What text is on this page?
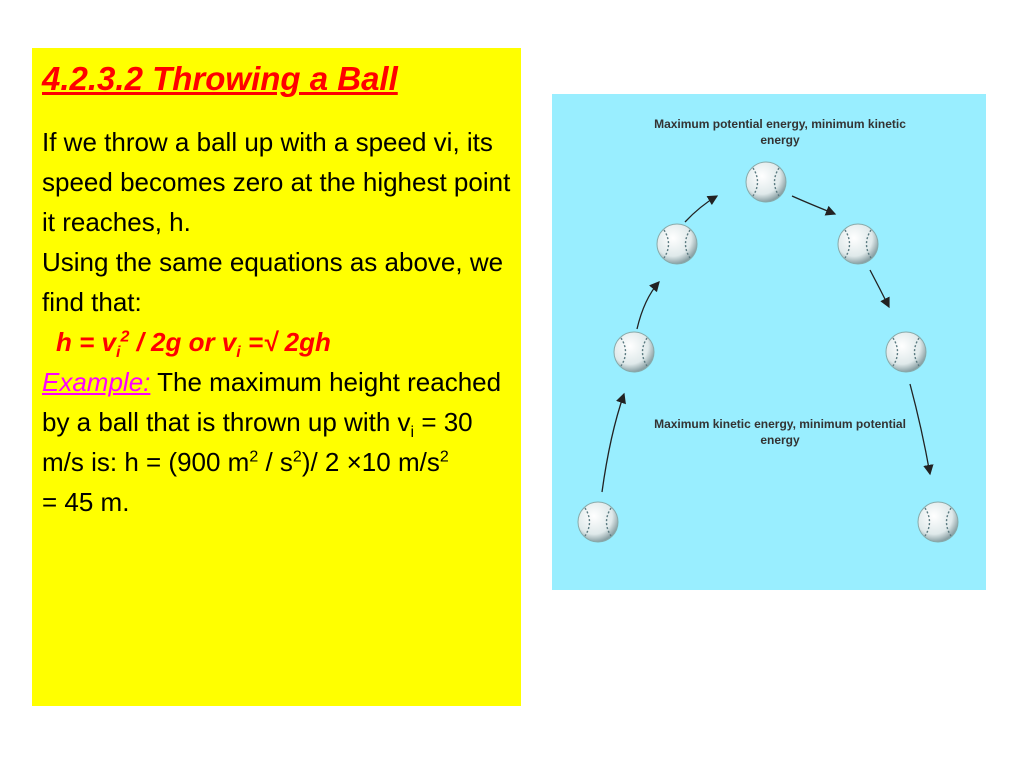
4.2.3.2 Throwing a Ball

If we throw a ball up with a speed vi, its speed becomes zero at the highest point it reaches, h.

Using the same equations as above, we find that:

$h = v_i^2 / 2g$ or $v_i$ =√ 2gh

Example: The maximum height reached by a ball that is thrown up with $v_i = 30$ m/s is: h = (900 $m^2 / s^2)/$ 2 ×10 $m/s^2$
= 45 m.

Maximum potential energy, minimum kinetic energy
Maximum kinetic energy, minimum potential energy
